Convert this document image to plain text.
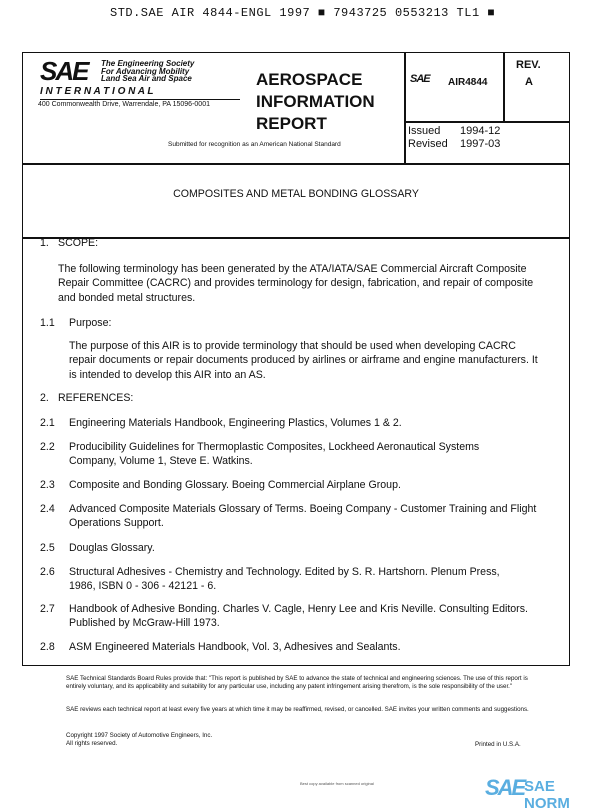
STD.SAE AIR 4844-ENGL 1997 ■ 7943725 0553213 TL1 ■
SAE The Engineering Society
For Advancing Mobility
Land Sea Air and Space
I N T E R N A T I O N A L
400 Commonwealth Drive, Warrendale, PA 15096-0001
AEROSPACE
INFORMATION
REPORT
Submitted for recognition as an American National Standard
SAE AIR4844
REV.
A
Issued 1994-12
Revised 1997-03
COMPOSITES AND METAL BONDING GLOSSARY
1. SCOPE:
The following terminology has been generated by the ATA/IATA/SAE Commercial Aircraft Composite Repair Committee (CACRC) and provides terminology for design, fabrication, and repair of composite and bonded metal structures.
1.1 Purpose:
The purpose of this AIR is to provide terminology that should be used when developing CACRC repair documents or repair documents produced by airlines or airframe and engine manufacturers. It is intended to develop this AIR into an AS.
2. REFERENCES:
2.1 Engineering Materials Handbook, Engineering Plastics, Volumes 1 & 2.
2.2 Producibility Guidelines for Thermoplastic Composites, Lockheed Aeronautical Systems Company, Volume 1, Steve E. Watkins.
2.3 Composite and Bonding Glossary. Boeing Commercial Airplane Group.
2.4 Advanced Composite Materials Glossary of Terms. Boeing Company - Customer Training and Flight Operations Support.
2.5 Douglas Glossary.
2.6 Structural Adhesives - Chemistry and Technology. Edited by S. R. Hartshorn. Plenum Press, 1986, ISBN 0 - 306 - 42121 - 6.
2.7 Handbook of Adhesive Bonding. Charles V. Cagle, Henry Lee and Kris Neville. Consulting Editors. Published by McGraw-Hill 1973.
2.8 ASM Engineered Materials Handbook, Vol. 3, Adhesives and Sealants.
SAE Technical Standards Board Rules provide that: "This report is published by SAE to advance the state of technical and engineering sciences. The use of this report is entirely voluntary, and its applicability and suitability for any particular use, including any patent infringement arising therefrom, is the sole responsibility of the user."
SAE reviews each technical report at least every five years at which time it may be reaffirmed, revised, or cancelled. SAE invites your written comments and suggestions.
Copyright 1997 Society of Automotive Engineers, Inc.
All rights reserved.	Printed in U.S.A.
Best copy available from scanned original	SAE SAE NORM
